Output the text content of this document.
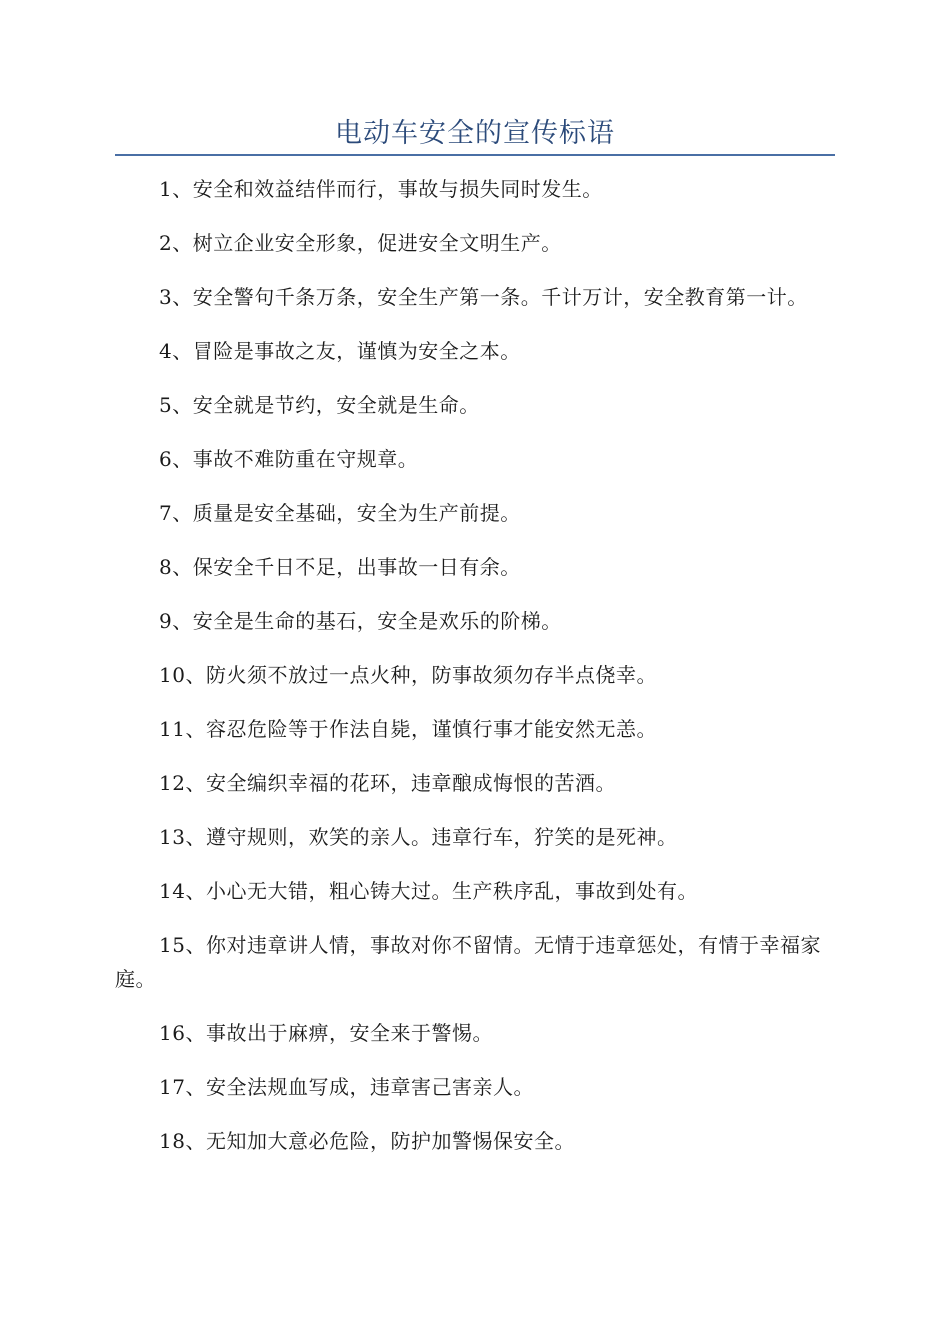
电动车安全的宣传标语

1、安全和效益结伴而行，事故与损失同时发生。

2、树立企业安全形象，促进安全文明生产。

3、安全警句千条万条，安全生产第一条。千计万计，安全教育第一计。

4、冒险是事故之友，谨慎为安全之本。

5、安全就是节约，安全就是生命。

6、事故不难防重在守规章。

7、质量是安全基础，安全为生产前提。

8、保安全千日不足，出事故一日有余。

9、安全是生命的基石，安全是欢乐的阶梯。

10、防火须不放过一点火种，防事故须勿存半点侥幸。

11、容忍危险等于作法自毙，谨慎行事才能安然无恙。

12、安全编织幸福的花环，违章酿成悔恨的苦酒。

13、遵守规则，欢笑的亲人。违章行车，狞笑的是死神。

14、小心无大错，粗心铸大过。生产秩序乱，事故到处有。

15、你对违章讲人情，事故对你不留情。无情于违章惩处，有情于幸福家庭。

16、事故出于麻痹，安全来于警惕。

17、安全法规血写成，违章害己害亲人。

18、无知加大意必危险，防护加警惕保安全。
